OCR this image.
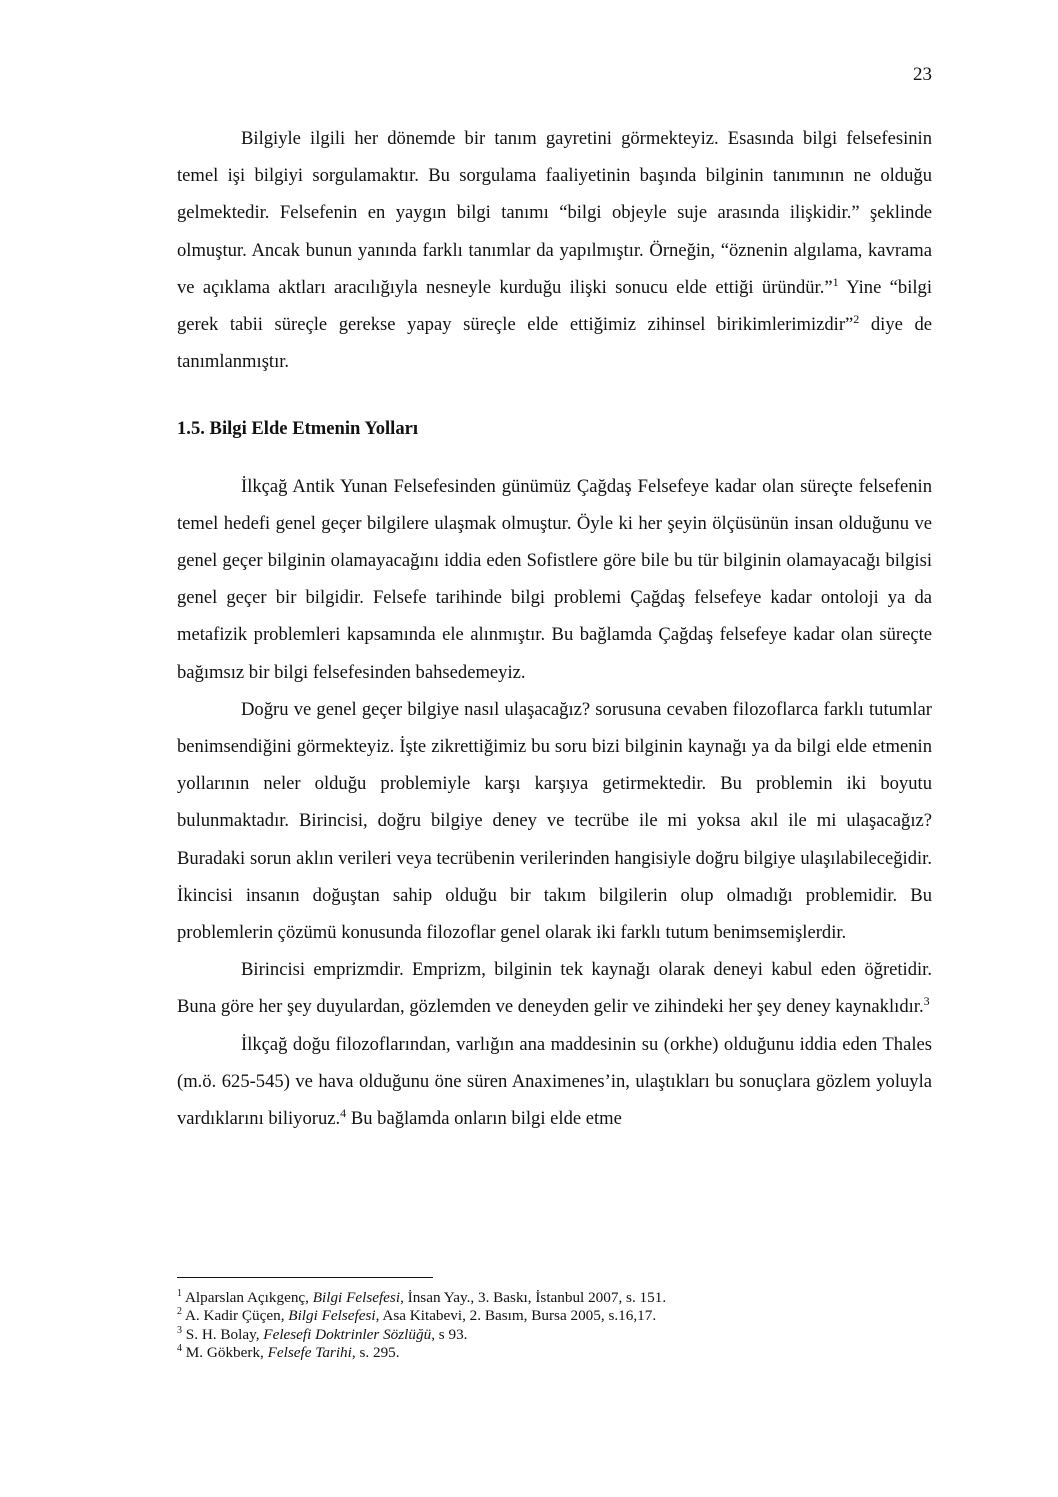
23

Bilgiyle ilgili her dönemde bir tanım gayretini görmekteyiz. Esasında bilgi felsefesinin temel işi bilgiyi sorgulamaktır. Bu sorgulama faaliyetinin başında bilginin tanımının ne olduğu gelmektedir. Felsefenin en yaygın bilgi tanımı “bilgi objeyle suje arasında ilişkidir.” şeklinde olmuştur. Ancak bunun yanında farklı tanımlar da yapılmıştır. Örneğin, “öznenin algılama, kavrama ve açıklama aktları aracılığıyla nesneyle kurduğu ilişki sonucu elde ettiği üründür.”$^1$ Yine “bilgi gerek tabii süreçle gerekse yapay süreçle elde ettiğimiz zihinsel birikimlerimizdir”$^2$ diye de tanımlanmıştır.

1.5. Bilgi Elde Etmenin Yolları

İlkçağ Antik Yunan Felsefesinden günümüz Çağdaş Felsefeye kadar olan süreçte felsefenin temel hedefi genel geçer bilgilere ulaşmak olmuştur. Öyle ki her şeyin ölçüsünün insan olduğunu ve genel geçer bilginin olamayacağını iddia eden Sofistlere göre bile bu tür bilginin olamayacağı bilgisi genel geçer bir bilgidir. Felsefe tarihinde bilgi problemi Çağdaş felsefeye kadar ontoloji ya da metafizik problemleri kapsamında ele alınmıştır. Bu bağlamda Çağdaş felsefeye kadar olan süreçte bağımsız bir bilgi felsefesinden bahsedemeyiz.

Doğru ve genel geçer bilgiye nasıl ulaşacağız? sorusuna cevaben filozoflarca farklı tutumlar benimsendiğini görmekteyiz. İşte zikrettiğimiz bu soru bizi bilginin kaynağı ya da bilgi elde etmenin yollarının neler olduğu problemiyle karşı karşıya getirmektedir. Bu problemin iki boyutu bulunmaktadır. Birincisi, doğru bilgiye deney ve tecrübe ile mi yoksa akıl ile mi ulaşacağız? Buradaki sorun aklın verileri veya tecrübenin verilerinden hangisiyle doğru bilgiye ulaşılabileceğidir. İkincisi insanın doğuştan sahip olduğu bir takım bilgilerin olup olmadığı problemidir. Bu problemlerin çözümü konusunda filozoflar genel olarak iki farklı tutum benimsemişlerdir.

Birincisi emprizmdir. Emprizm, bilginin tek kaynağı olarak deneyi kabul eden öğretidir. Buna göre her şey duyulardan, gözlemden ve deneyden gelir ve zihindeki her şey deney kaynaklıdır.$^3$

İlkçağ doğu filozoflarından, varlığın ana maddesinin su (orkhe) olduğunu iddia eden Thales (m.ö. 625-545) ve hava olduğunu öne süren Anaximenes’in, ulaştıkları bu sonuçlara gözlem yoluyla vardıklarını biliyoruz.$^4$ Bu bağlamda onların bilgi elde etme

$^1$ Alparslan Açıkgenç, Bilgi Felsefesi, İnsan Yay., 3. Baskı, İstanbul 2007, s. 151.

$^2$ A. Kadir Çüçen, Bilgi Felsefesi, Asa Kitabevi, 2. Basım, Bursa 2005, s.16,17.

$^3$ S. H. Bolay, Felesefi Doktrinler Sözlüğü, s 93.

$^4$ M. Gökberk, Felsefe Tarihi, s. 295.
